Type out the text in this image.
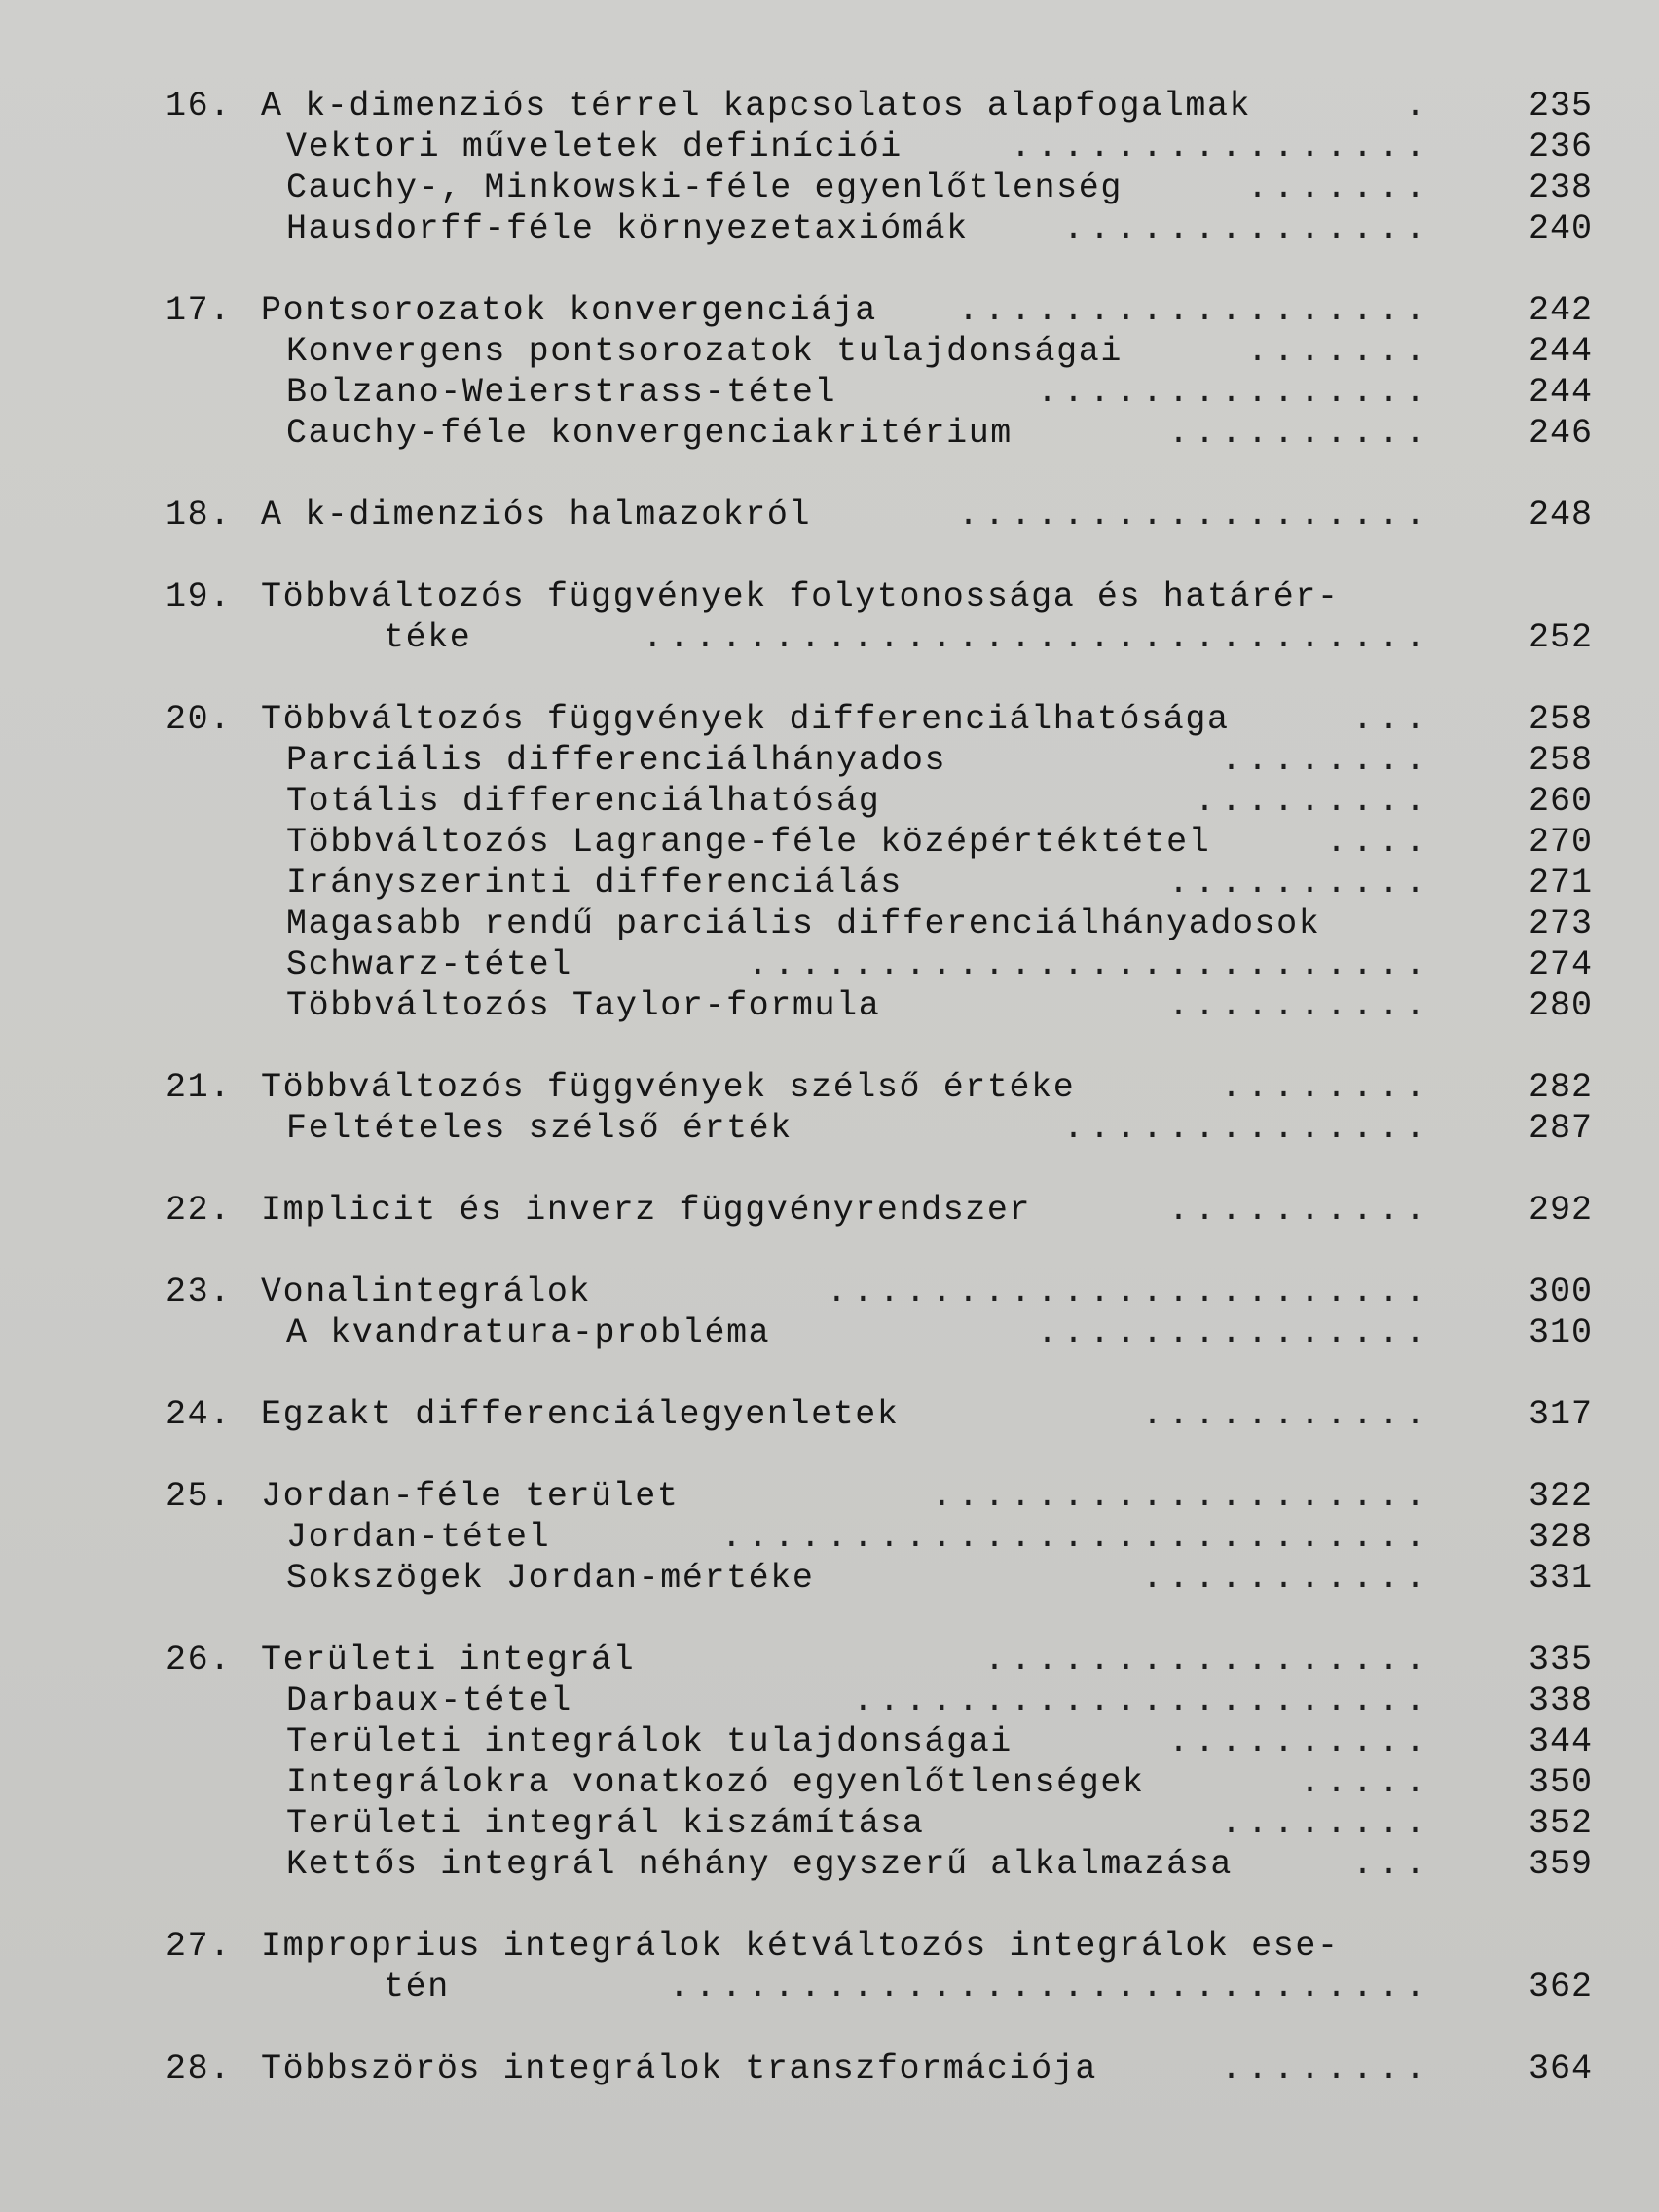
16. A k-dimenziós térrel kapcsolatos alapfogalmak	.	235
Vektori műveletek definíciói	................	236
Cauchy-, Minkowski-féle egyenlőtlenség	.......	238
Hausdorff-féle környezetaxiómák	..............	240
17. Pontsorozatok konvergenciája	..................	242
Konvergens pontsorozatok tulajdonságai	.......	244
Bolzano-Weierstrass-tétel	...............	244
Cauchy-féle konvergenciakritérium	..........	246
18. A k-dimenziós halmazokról	..................	248
19. Többváltozós függvények folytonossága és határér-
téke	..............................	252
20. Többváltozós függvények differenciálhatósága	...	258
Parciális differenciálhányados	........	258
Totális differenciálhatóság	.........	260
Többváltozós Lagrange-féle középértéktétel	....	270
Irányszerinti differenciálás	..........	271
Magasabb rendű parciális differenciálhányadosok	273
Schwarz-tétel	..........................	274
Többváltozós Taylor-formula	..........	280
21. Többváltozós függvények szélső értéke	........	282
Feltételes szélső érték	..............	287
22. Implicit és inverz függvényrendszer	..........	292
23. Vonalintegrálok	.......................	300
A kvandratura-probléma	...............	310
24. Egzakt differenciálegyenletek	...........	317
25. Jordan-féle terület	...................	322
Jordan-tétel	...........................	328
Sokszögek Jordan-mértéke	...........	331
26. Területi integrál	.................	335
Darbaux-tétel	......................	338
Területi integrálok tulajdonságai	..........	344
Integrálokra vonatkozó egyenlőtlenségek	.....	350
Területi integrál kiszámítása	........	352
Kettős integrál néhány egyszerű alkalmazása	...	359
27. Improprius integrálok kétváltozós integrálok ese-
tén	.............................	362
28. Többszörös integrálok transzformációja	........	364
